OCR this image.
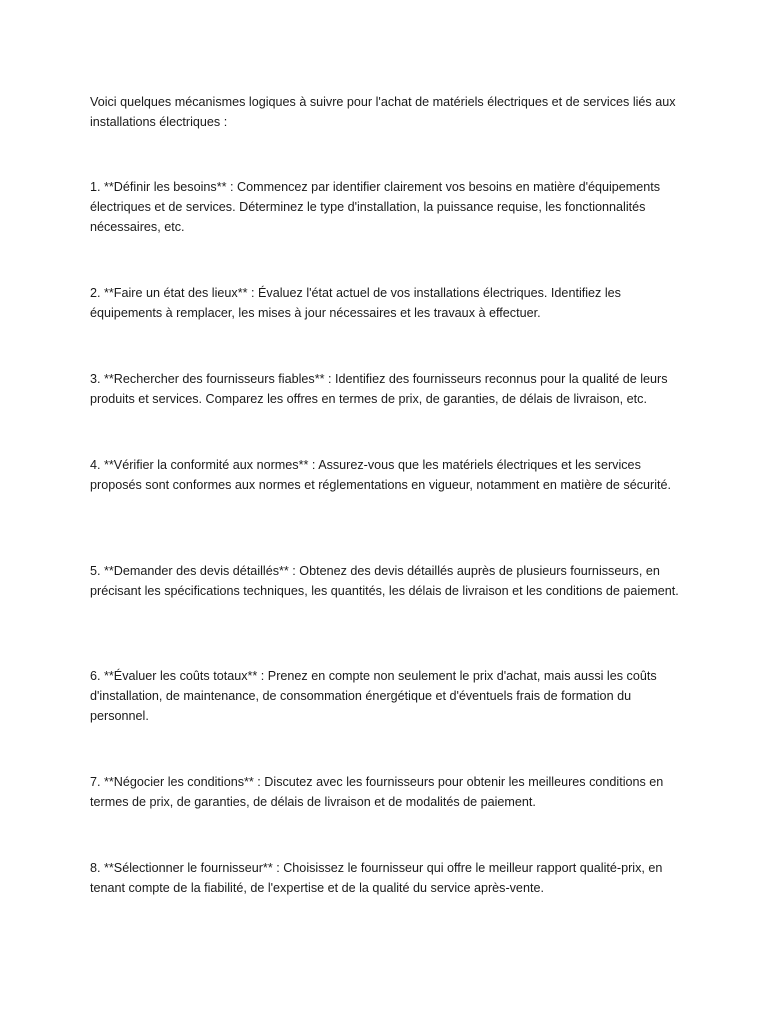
Voici quelques mécanismes logiques à suivre pour l'achat de matériels électriques et de services liés aux installations électriques :

1. **Définir les besoins** : Commencez par identifier clairement vos besoins en matière d'équipements électriques et de services. Déterminez le type d'installation, la puissance requise, les fonctionnalités nécessaires, etc.

2. **Faire un état des lieux** : Évaluez l'état actuel de vos installations électriques. Identifiez les équipements à remplacer, les mises à jour nécessaires et les travaux à effectuer.

3. **Rechercher des fournisseurs fiables** : Identifiez des fournisseurs reconnus pour la qualité de leurs produits et services. Comparez les offres en termes de prix, de garanties, de délais de livraison, etc.

4. **Vérifier la conformité aux normes** : Assurez-vous que les matériels électriques et les services proposés sont conformes aux normes et réglementations en vigueur, notamment en matière de sécurité.

5. **Demander des devis détaillés** : Obtenez des devis détaillés auprès de plusieurs fournisseurs, en précisant les spécifications techniques, les quantités, les délais de livraison et les conditions de paiement.

6. **Évaluer les coûts totaux** : Prenez en compte non seulement le prix d'achat, mais aussi les coûts d'installation, de maintenance, de consommation énergétique et d'éventuels frais de formation du personnel.

7. **Négocier les conditions** : Discutez avec les fournisseurs pour obtenir les meilleures conditions en termes de prix, de garanties, de délais de livraison et de modalités de paiement.

8. **Sélectionner le fournisseur** : Choisissez le fournisseur qui offre le meilleur rapport qualité-prix, en tenant compte de la fiabilité, de l'expertise et de la qualité du service après-vente.
